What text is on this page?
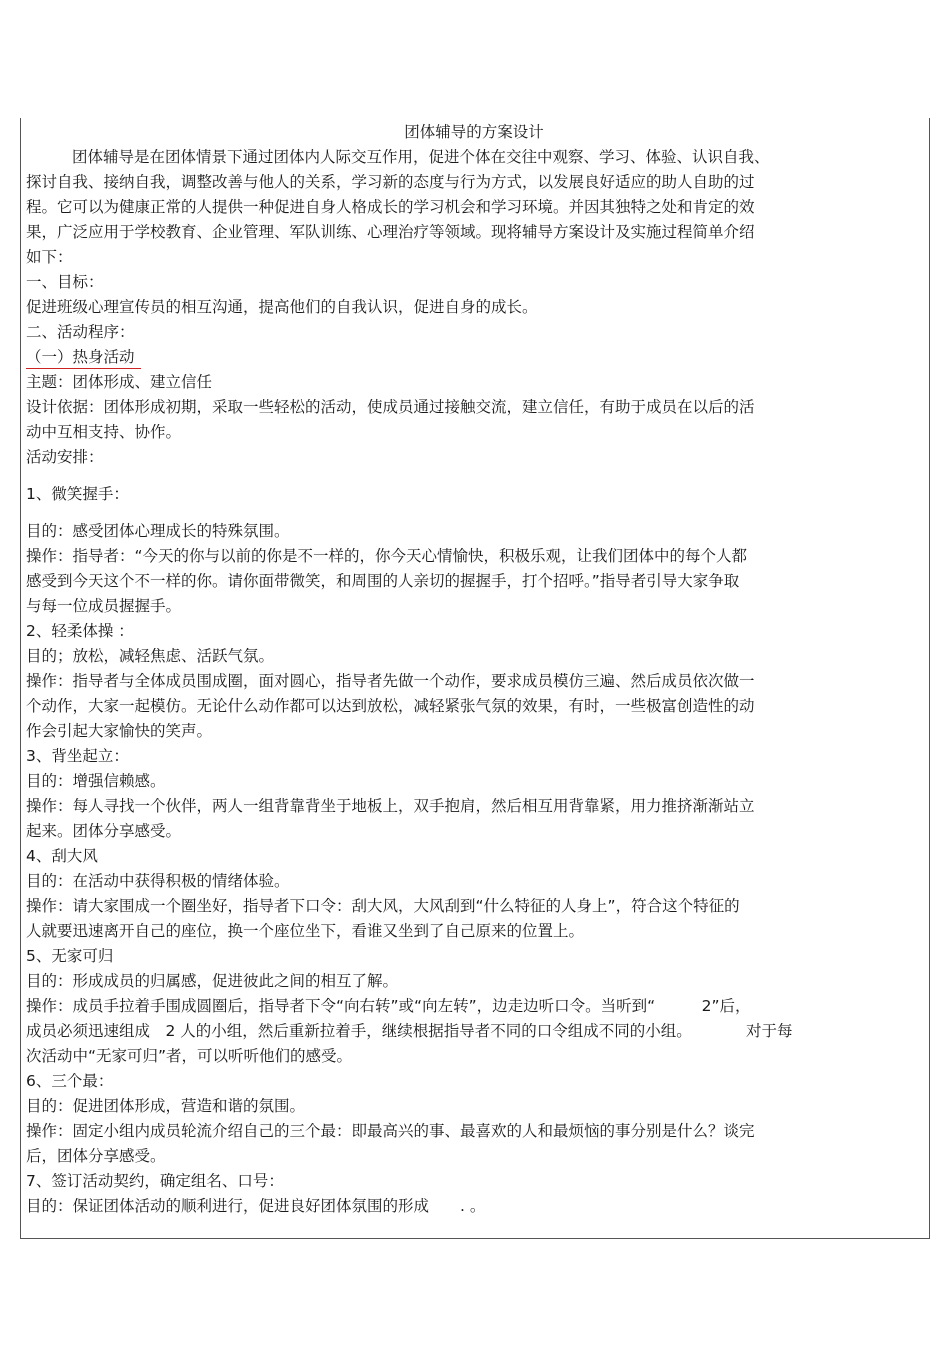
团体辅导的方案设计
团体辅导是在团体情景下通过团体内人际交互作用，促进个体在交往中观察、学习、体验、认识自我、
探讨自我、接纳自我，调整改善与他人的关系，学习新的态度与行为方式，以发展良好适应的助人自助的过
程。它可以为健康正常的人提供一种促进自身人格成长的学习机会和学习环境。并因其独特之处和肯定的效
果，广泛应用于学校教育、企业管理、军队训练、心理治疗等领域。现将辅导方案设计及实施过程简单介绍
如下：
一、目标：
促进班级心理宣传员的相互沟通，提高他们的自我认识，促进自身的成长。
二、活动程序：
（一）热身活动
主题：团体形成、建立信任
设计依据：团体形成初期，采取一些轻松的活动，使成员通过接触交流，建立信任，有助于成员在以后的活
动中互相支持、协作。
活动安排：
1、微笑握手：
目的：感受团体心理成长的特殊氛围。
操作：指导者：“今天的你与以前的你是不一样的，你今天心情愉快，积极乐观，让我们团体中的每个人都
感受到今天这个不一样的你。请你面带微笑，和周围的人亲切的握握手，打个招呼。”指导者引导大家争取
与每一位成员握握手。
2、轻柔体操 ：
目的；放松，减轻焦虑、活跃气氛。
操作：指导者与全体成员围成圈，面对圆心，指导者先做一个动作，要求成员模仿三遍、然后成员依次做一
个动作，大家一起模仿。无论什么动作都可以达到放松，减轻紧张气氛的效果，有时，一些极富创造性的动
作会引起大家愉快的笑声。
3、背坐起立：
目的：增强信赖感。
操作：每人寻找一个伙伴，两人一组背靠背坐于地板上，双手抱肩，然后相互用背靠紧，用力推挤渐渐站立
起来。团体分享感受。
4、刮大风
目的：在活动中获得积极的情绪体验。
操作：请大家围成一个圈坐好，指导者下口令：刮大风，大风刮到“什么特征的人身上”，符合这个特征的
人就要迅速离开自己的座位，换一个座位坐下，看谁又坐到了自己原来的位置上。
5、无家可归
目的：形成成员的归属感，促进彼此之间的相互了解。
操作：成员手拉着手围成圆圈后，指导者下令“向右转”或“向左转”，边走边听口令。当听到“　　　2”后，
成员必须迅速组成　2 人的小组，然后重新拉着手，继续根据指导者不同的口令组成不同的小组。　　　　对于每
次活动中“无家可归”者，可以听听他们的感受。
6、三个最：
目的：促进团体形成，营造和谐的氛围。
操作：固定小组内成员轮流介绍自己的三个最：即最高兴的事、最喜欢的人和最烦恼的事分别是什么？谈完
后，团体分享感受。
7、签订活动契约，确定组名、口号：
目的：保证团体活动的顺利进行，促进良好团体氛围的形成　　. 。
